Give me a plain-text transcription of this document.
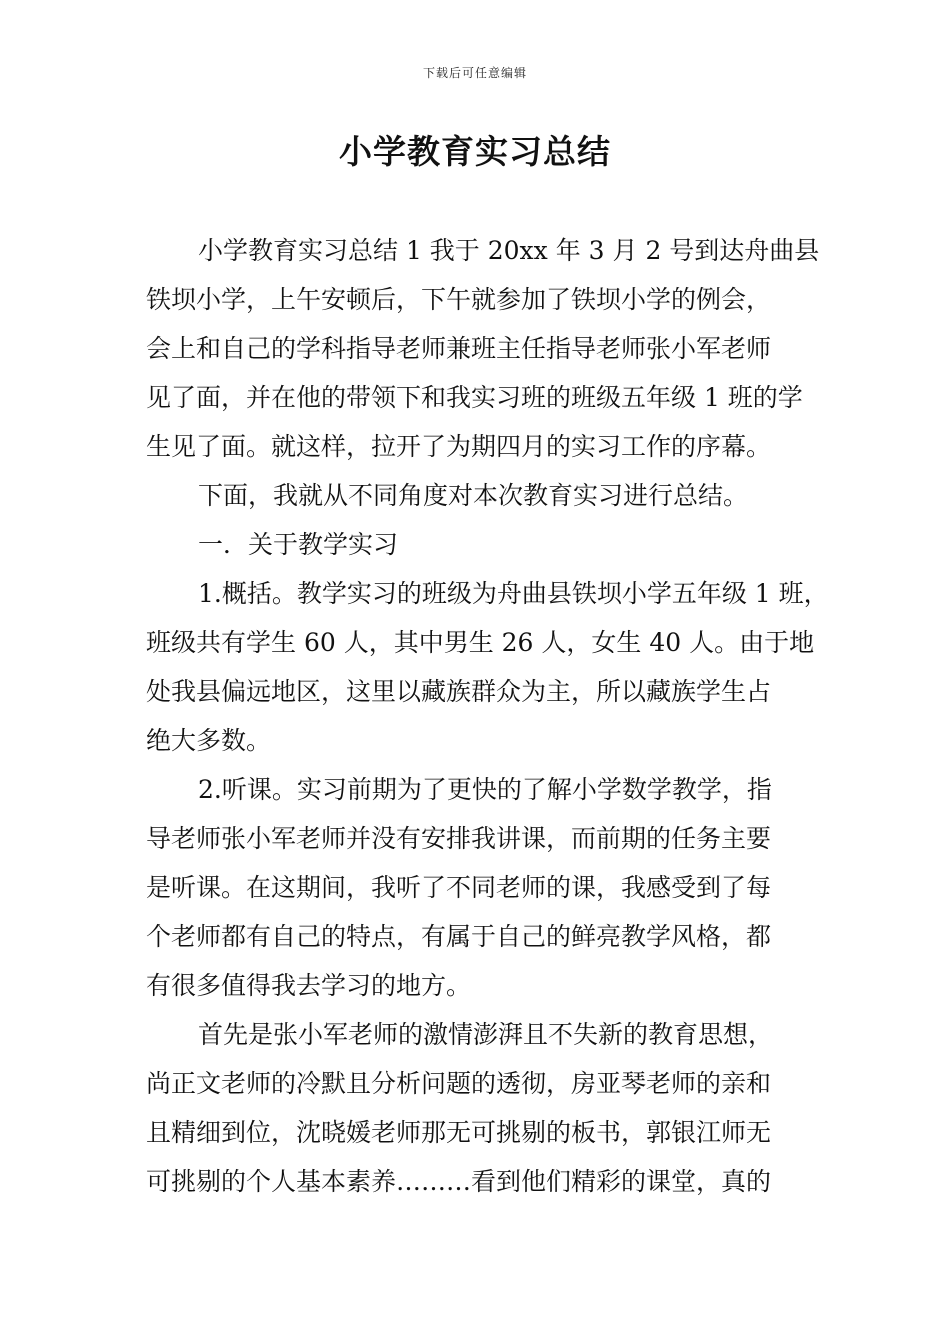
下载后可任意编辑
小学教育实习总结
小学教育实习总结 1 我于 20xx 年 3 月 2 号到达舟曲县
铁坝小学，上午安顿后，下午就参加了铁坝小学的例会，
会上和自己的学科指导老师兼班主任指导老师张小军老师
见了面，并在他的带领下和我实习班的班级五年级 1 班的学
生见了面。就这样，拉开了为期四月的实习工作的序幕。
下面，我就从不同角度对本次教育实习进行总结。
一．关于教学实习
1.概括。教学实习的班级为舟曲县铁坝小学五年级 1 班，
班级共有学生 60 人，其中男生 26 人，女生 40 人。由于地
处我县偏远地区，这里以藏族群众为主，所以藏族学生占
绝大多数。
2.听课。实习前期为了更快的了解小学数学教学，指
导老师张小军老师并没有安排我讲课，而前期的任务主要
是听课。在这期间，我听了不同老师的课，我感受到了每
个老师都有自己的特点，有属于自己的鲜亮教学风格，都
有很多值得我去学习的地方。
首先是张小军老师的激情澎湃且不失新的教育思想，
尚正文老师的冷默且分析问题的透彻，房亚琴老师的亲和
且精细到位，沈晓媛老师那无可挑剔的板书，郭银江师无
可挑剔的个人基本素养………看到他们精彩的课堂，真的
